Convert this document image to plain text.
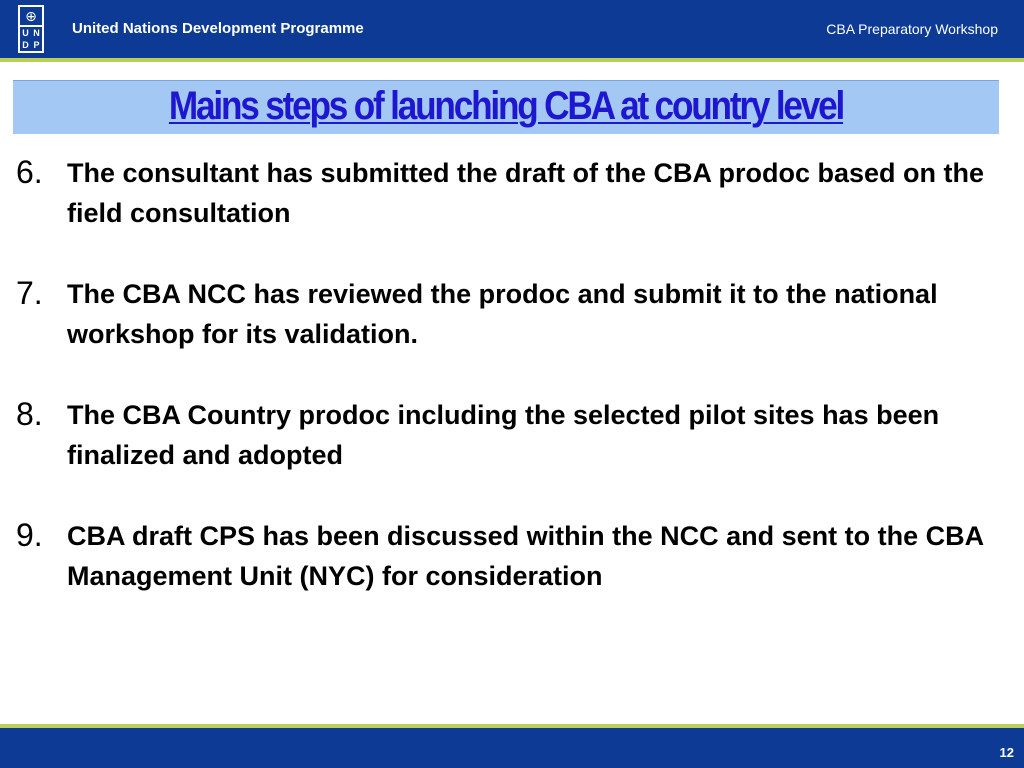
⊕
U N
D P
United Nations Development Programme	CBA Preparatory Workshop
Mains steps of launching CBA at country level
6. The consultant has submitted the draft of the CBA prodoc based on the field consultation
7. The CBA NCC has reviewed the prodoc and submit it to the national workshop for its validation.
8. The CBA Country prodoc including the selected pilot sites has been finalized and adopted
9. CBA draft CPS has been discussed within the NCC and sent to the CBA Management Unit (NYC) for consideration
12
